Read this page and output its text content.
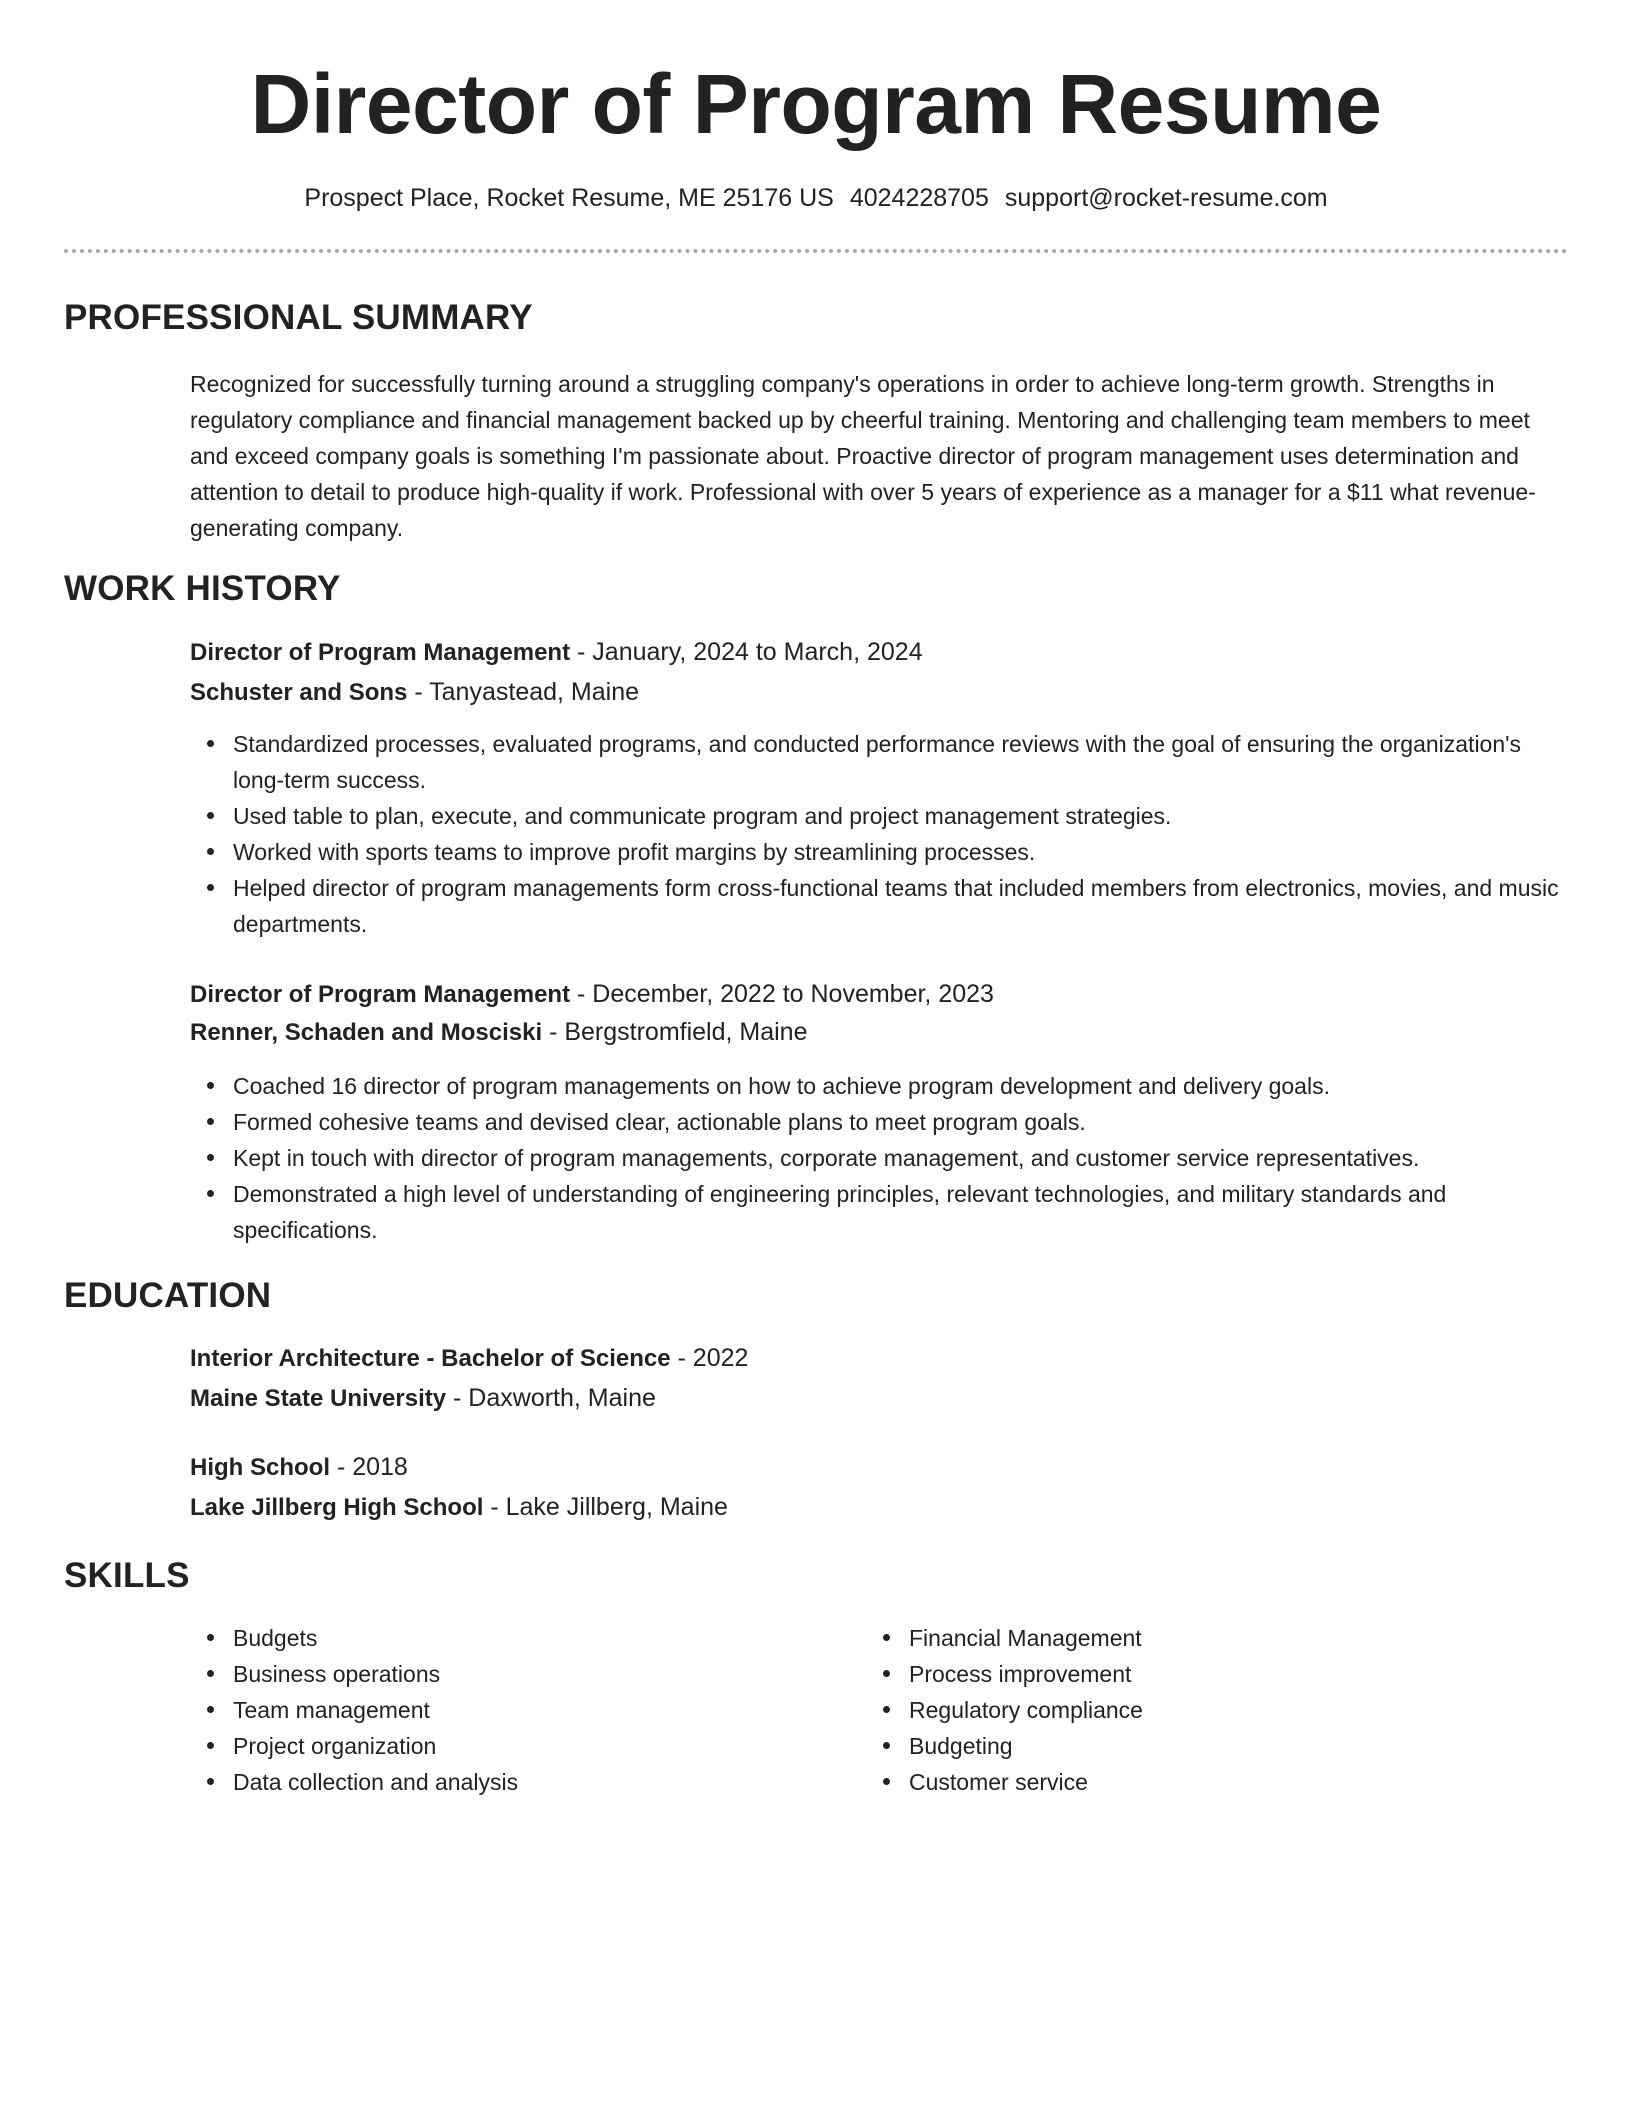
Director of Program Resume
Prospect Place, Rocket Resume, ME 25176 US 4024228705 support@rocket-resume.com
PROFESSIONAL SUMMARY
Recognized for successfully turning around a struggling company's operations in order to achieve long-term growth. Strengths in regulatory compliance and financial management backed up by cheerful training. Mentoring and challenging team members to meet and exceed company goals is something I'm passionate about. Proactive director of program management uses determination and attention to detail to produce high-quality if work. Professional with over 5 years of experience as a manager for a $11 what revenue-generating company.
WORK HISTORY
Director of Program Management - January, 2024 to March, 2024
Schuster and Sons - Tanyastead, Maine
Standardized processes, evaluated programs, and conducted performance reviews with the goal of ensuring the organization's long-term success.
Used table to plan, execute, and communicate program and project management strategies.
Worked with sports teams to improve profit margins by streamlining processes.
Helped director of program managements form cross-functional teams that included members from electronics, movies, and music departments.
Director of Program Management - December, 2022 to November, 2023
Renner, Schaden and Mosciski - Bergstromfield, Maine
Coached 16 director of program managements on how to achieve program development and delivery goals.
Formed cohesive teams and devised clear, actionable plans to meet program goals.
Kept in touch with director of program managements, corporate management, and customer service representatives.
Demonstrated a high level of understanding of engineering principles, relevant technologies, and military standards and specifications.
EDUCATION
Interior Architecture - Bachelor of Science - 2022
Maine State University - Daxworth, Maine
High School - 2018
Lake Jillberg High School - Lake Jillberg, Maine
SKILLS
Budgets
Business operations
Team management
Project organization
Data collection and analysis
Financial Management
Process improvement
Regulatory compliance
Budgeting
Customer service
